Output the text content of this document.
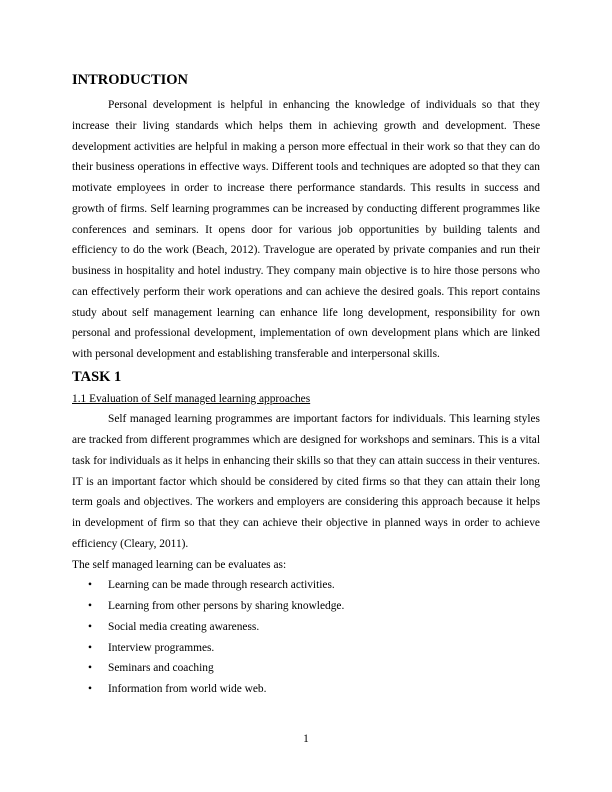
INTRODUCTION

Personal development is helpful in enhancing the knowledge of individuals so that they increase their living standards which helps them in achieving growth and development. These development activities are helpful in making a person more effectual in their work so that they can do their business operations in effective ways. Different tools and techniques are adopted so that they can motivate employees in order to increase there performance standards. This results in success and growth of firms. Self learning programmes can be increased by conducting different programmes like conferences and seminars. It opens door for various job opportunities by building talents and efficiency to do the work (Beach, 2012). Travelogue are operated by private companies and run their business in hospitality and hotel industry. They company main objective is to hire those persons who can effectively perform their work operations and can achieve the desired goals. This report contains study about self management learning can enhance life long development, responsibility for own personal and professional development, implementation of own development plans which are linked with personal development and establishing transferable and interpersonal skills.

TASK 1

1.1 Evaluation of Self managed learning approaches

Self managed learning programmes are important factors for individuals. This learning styles are tracked from different programmes which are designed for workshops and seminars. This is a vital task for individuals as it helps in enhancing their skills so that they can attain success in their ventures. IT is an important factor which should be considered by cited firms so that they can attain their long term goals and objectives. The workers and employers are considering this approach because it helps in development of firm so that they can achieve their objective in planned ways in order to achieve efficiency (Cleary, 2011).

The self managed learning can be evaluates as:

• Learning can be made through research activities.
• Learning from other persons by sharing knowledge.
• Social media creating awareness.
• Interview programmes.
• Seminars and coaching
• Information from world wide web.
1
